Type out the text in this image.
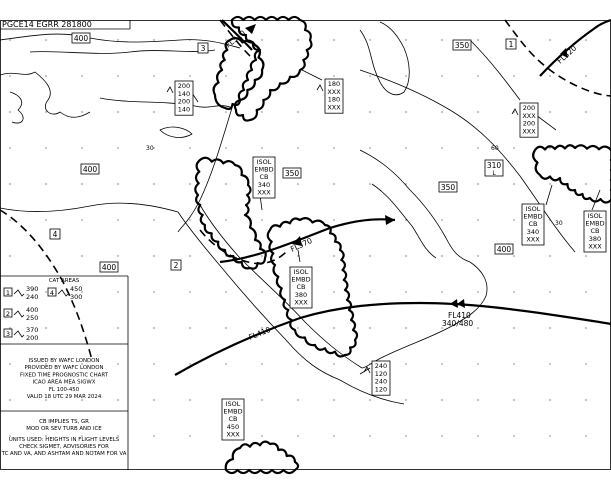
FL310
FL370
FL410
FL410
340/480
FL320
PGCE14 EGRR 281800
400
350
400	350
350
400
400
310
L
30	60
30
1
3
4
2
ISOL
EMBD
CB
340
XXX
ISOL
EMBD
CB
380
XXX
ISOL
EMBD
CB
340
XXX
ISOL
EMBD
CB
380
XXX
ISOL
EMBD
CB
450
XXX
200
140
200
140
180
XXX
180
XXX	200
XXX
200
XXX
240
120
240
120
CAT AREAS
1 390
240 4 450
300
2 400
250
3 370
200
ISSUED BY WAFC LONDON
PROVIDED BY WAFC LONDON
FIXED TIME PROGNOSTIC CHART
ICAO AREA MEA SIGWX
FL 100-450
VALID 18 UTC 29 MAR 2024
CB IMPLIES TS, GR
MOD OR SEV TURB AND ICE
UNITS USED: HEIGHTS IN FLIGHT LEVELS
CHECK SIGMET, ADVISORIES FOR
TC AND VA, AND ASHTAM AND NOTAM FOR VA
